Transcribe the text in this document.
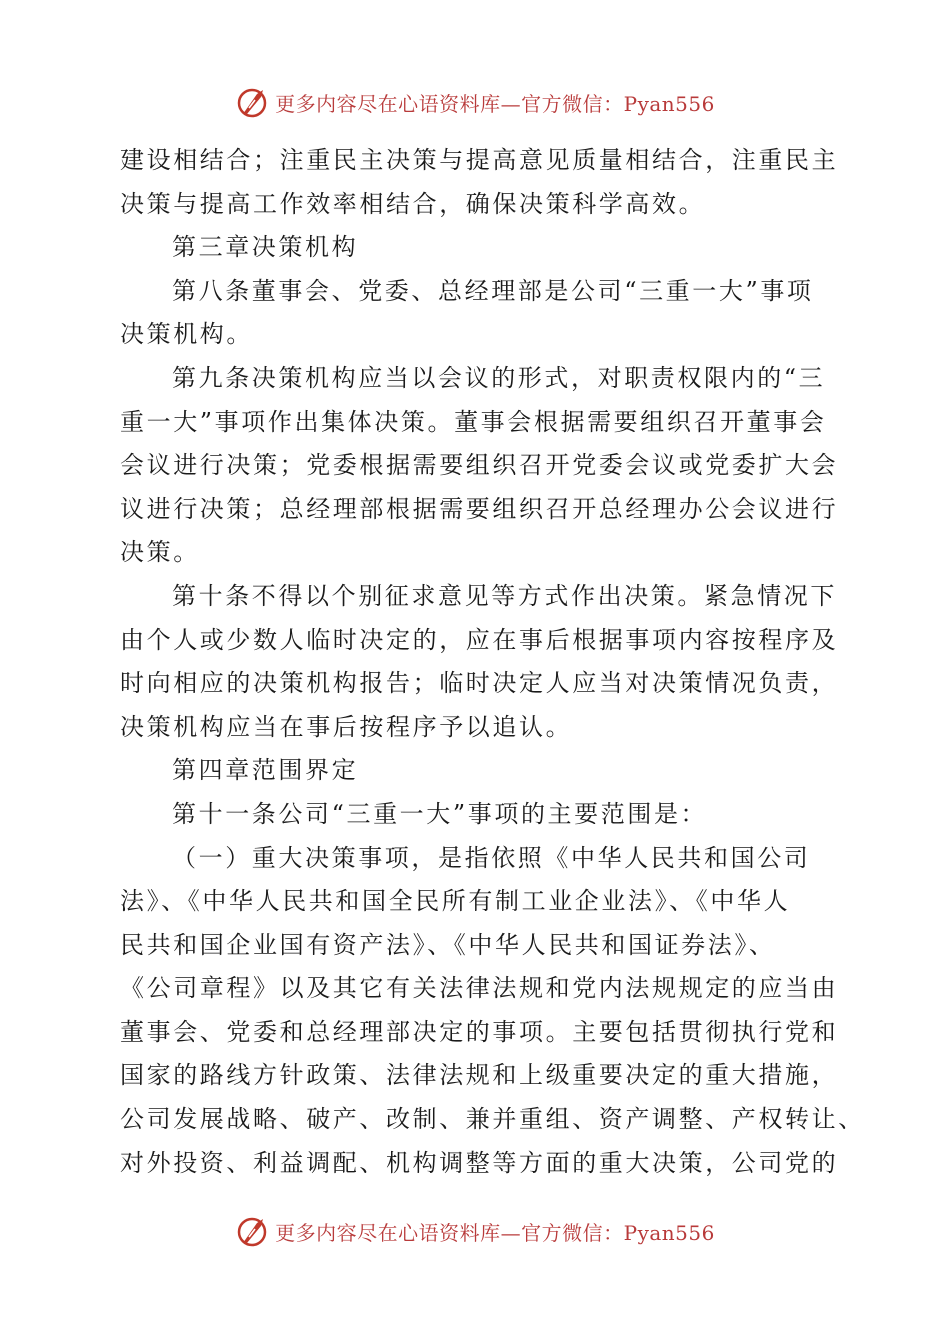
更多内容尽在心语资料库—官方微信：Pyan556

建设相结合；注重民主决策与提高意见质量相结合，注重民主

决策与提高工作效率相结合，确保决策科学高效。

第三章决策机构

第八条董事会、党委、总经理部是公司“三重一大”事项

决策机构。

第九条决策机构应当以会议的形式，对职责权限内的“三

重一大”事项作出集体决策。董事会根据需要组织召开董事会

会议进行决策；党委根据需要组织召开党委会议或党委扩大会

议进行决策；总经理部根据需要组织召开总经理办公会议进行

决策。

第十条不得以个别征求意见等方式作出决策。紧急情况下

由个人或少数人临时决定的，应在事后根据事项内容按程序及

时向相应的决策机构报告；临时决定人应当对决策情况负责，

决策机构应当在事后按程序予以追认。

第四章范围界定

第十一条公司“三重一大”事项的主要范围是：

（一）重大决策事项，是指依照《中华人民共和国公司

法》、《中华人民共和国全民所有制工业企业法》、《中华人

民共和国企业国有资产法》、《中华人民共和国证券法》、

《公司章程》以及其它有关法律法规和党内法规规定的应当由

董事会、党委和总经理部决定的事项。主要包括贯彻执行党和

国家的路线方针政策、法律法规和上级重要决定的重大措施，

公司发展战略、破产、改制、兼并重组、资产调整、产权转让、

对外投资、利益调配、机构调整等方面的重大决策，公司党的

更多内容尽在心语资料库—官方微信：Pyan556
